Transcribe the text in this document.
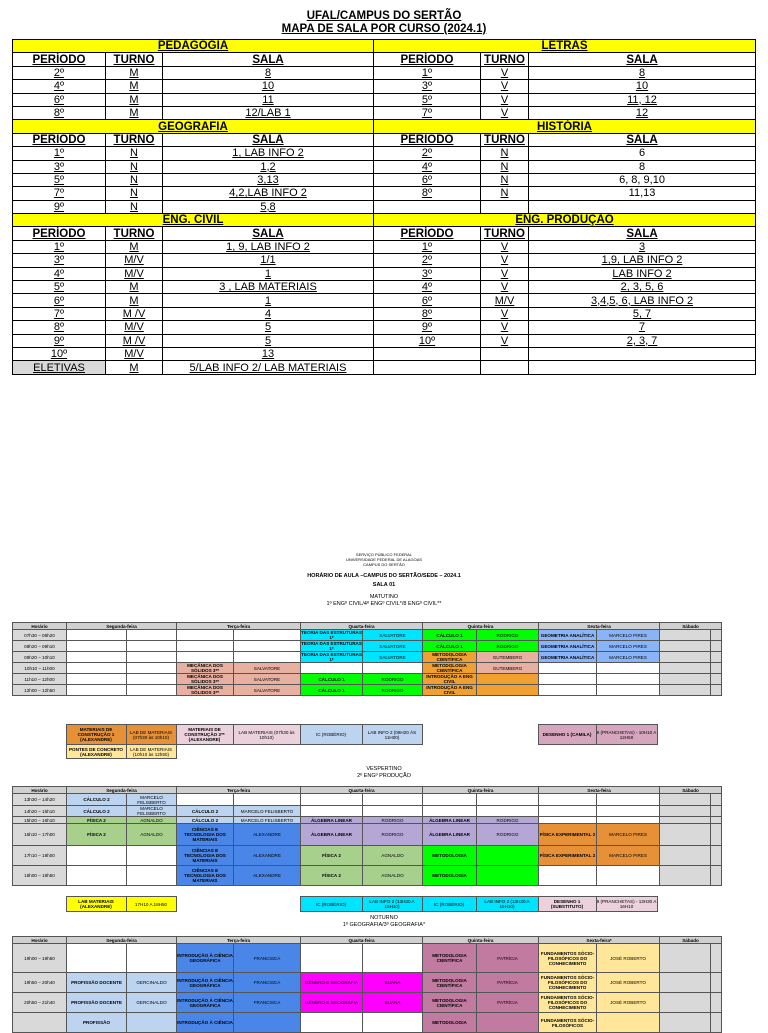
UFAL/CAMPUS DO SERTÃO
MAPA DE SALA POR CURSO (2024.1)
PEDAGOGIA			LETRAS		
PERÍODO	TURNO	SALA	PERÍODO	TURNO	SALA
2º	M	8	1º	V	8
4º	M	10	3º	V	10
6º	M	11	5º	V	11, 12
8º	M	12/LAB 1	7º	V	12
GEOGRAFIA			HISTÓRIA		
PERÍODO	TURNO	SALA	PERÍODO	TURNO	SALA
1º	N	1, LAB INFO 2	2º	N	6
3º	N	1,2	4º	N	8
5º	N	3,13	6º	N	6, 8, 9,10
7º	N	4,2,LAB INFO 2	8º	N	11,13
9º	N	5,8			
ENG. CIVIL			ENG. PRODUÇÃO		
PERÍODO	TURNO	SALA	PERÍODO	TURNO	SALA
1º	M	1, 9, LAB INFO 2	1º	V	3
3º	M/V	1/1	2º	V	1,9, LAB INFO 2
4º	M/V	1	3º	V	LAB INFO 2
5º	M	3 , LAB MATERIAIS	4º	V	2, 3, 5, 6
6º	M	1	6º	M/V	3,4,5, 6, LAB INFO 2
7º	M /V	4	8º	V	5, 7
8º	M/V	5	9º	V	7
9º	M /V	5	10º	V	2, 3, 7
10º	M/V	13			
ELETIVAS	M	5/LAB INFO 2/ LAB MATERIAIS			
SERVIÇO PÚBLICO FEDERAL
UNIVERSIDADE FEDERAL DE ALAGOAS
CAMPUS DO SERTÃO
HORÁRIO DE AULA –CAMPUS DO SERTÃO/SEDE – 2024.1
SALA 01
MATUTINO
1º ENGº CIVIL/4º ENGº CIVIL*/8 ENGº CIVIL**
Horário	Segunda-feira		Terça-feira		Quarta-feira		Quinta-feira		Sexta-feira		Sábado	
07h30 – 08h20					TEORIA DAS ESTRUTURAS 1*	SALVATORE	CÁLCULO 1	RODRIGO	GEOMETRIA ANALÍTICA	MARCELO PIRES		
08h20 – 09h10					TEORIA DAS ESTRUTURAS 1*	SALVATORE	CÁLCULO 1	RODRIGO	GEOMETRIA ANALÍTICA	MARCELO PIRES		
09h20 – 10h10					TEORIA DAS ESTRUTURAS 1*	SALVATORE	METODOLOGIA CIENTÍFICA	GUTEMBERG	GEOMETRIA ANALÍTICA	MARCELO PIRES		
10h10 – 11h00			MECÂNICA DOS SÓLIDOS 3**	SALVATORE			METODOLOGIA CIENTÍFICA	GUTEMBERG				
11h10 – 12h00			MECÂNICA DOS SÓLIDOS 3**	SALVATORE	CÁLCULO 1	RODRIGO	INTRODUÇÃO A ENG CIVIL					
12h00 – 12h50			MECÂNICA DOS SÓLIDOS 3**	SALVATORE	CÁLCULO 1	RODRIGO	INTRODUÇÃO A ENG CIVIL					
	MATERIAIS DE CONSTRUÇÃO 1 (ALEXANDRE)	LAB DE MATERIAIS (07h30 às 10h10)	MATERIAIS DE CONSTRUÇÃO 2** (ALEXANDRE)	LAB MATERIAIS (07h30 às 10h10)	IC (ROBÉRIO)	LAB INFO 2 (08H20 ÀS 11H00)			DESENHO 1 (CAMILA)	9 (PRANCHETAS) - 10H10 A 12H50
	PONTES DE CONCRETO (ALEXANDRE)	LAB DE MATERIAIS (10h10 às 12h50)								
VESPERTINO
2º ENGº PRODUÇÃO
Horário	Segunda-feira		Terça-feira		Quarta-feira		Quinta-feira		Sexta-feira		Sábado	
13h30 – 14h20	CÁLCULO 2	MARCELO FELISBERTO										
14h20 – 15h10	CÁLCULO 2	MARCELO FELISBERTO	CÁLCULO 2	MARCELO FELISBERTO								
15h20 – 16h10	FÍSICA 2	AGNALDO	CÁLCULO 2	MARCELO FELISBERTO	ÁLGEBRA LINEAR	RODRIGO	ÁLGEBRA LINEAR	RODRIGO				
16h10 – 17h00	FÍSICA 2	AGNALDO	CIÊNCIAS E TECNOLOGIA DOS MATERIAIS	ALEXANDRE	ÁLGEBRA LINEAR	RODRIGO	ÁLGEBRA LINEAR	RODRIGO	FÍSICA EXPERIMENTAL 2	MARCELO PIRES		
17h10 – 18h00			CIÊNCIAS E TECNOLOGIA DOS MATERIAIS	ALEXANDRE	FÍSICA 2	AGNALDO	METODOLOGIA		FÍSICA EXPERIMENTAL 2	MARCELO PIRES		
18h00 – 18h50			CIÊNCIAS E TECNOLOGIA DOS MATERIAIS	ALEXANDRE	FÍSICA 2	AGNALDO	METODOLOGIA					
	LAB MATERIAIS (ALEXANDRE)	17H10 A 18H50			IC (ROBÉRIO)	LAB INFO 2 (13H30 A 15H10)	IC (ROBÉRIO)	LAB INFO 2 (13H30 A 15H10)	DESENHO 1 (SUBSTITUTO)	9 (PRANCHETAS) - 13H30 A 16H10
NOTURNO
1º GEOGRAFIA/3º GEOGRAFIA*
Horário	Segunda-feira		Terça-feira		Quarta-feira		Quinta-feira		Sexta-feira*		Sábado	
19h00 – 19h50			INTRODUÇÃO À CIÊNCIA GEOGRÁFICA	FRANCISCA			METODOLOGIA CIENTÍFICA	PATRÍCIA	FUNDAMENTOS SÓCIO-FILOSÓFICOS DO CONHECIMENTO	JOSÉ ROBERTO		
19h50 – 20h40	PROFISSÃO DOCENTE	GERCINALDO	INTRODUÇÃO À CIÊNCIA GEOGRÁFICA	FRANCISCA	GÊNERO E GEOGRAFIA	SUANA	METODOLOGIA CIENTÍFICA	PATRÍCIA	FUNDAMENTOS SÓCIO-FILOSÓFICOS DO CONHECIMENTO	JOSÉ ROBERTO		
20h50 – 21h40	PROFISSÃO DOCENTE	GERCINALDO	INTRODUÇÃO À CIÊNCIA GEOGRÁFICA	FRANCISCA	GÊNERO E GEOGRAFIA	SUANA	METODOLOGIA CIENTÍFICA	PATRÍCIA	FUNDAMENTOS SÓCIO-FILOSÓFICOS DO CONHECIMENTO	JOSÉ ROBERTO		
	PROFISSÃO		INTRODUÇÃO À CIÊNCIA				METODOLOGIA		FUNDAMENTOS SÓCIO-FILOSÓFICOS			
